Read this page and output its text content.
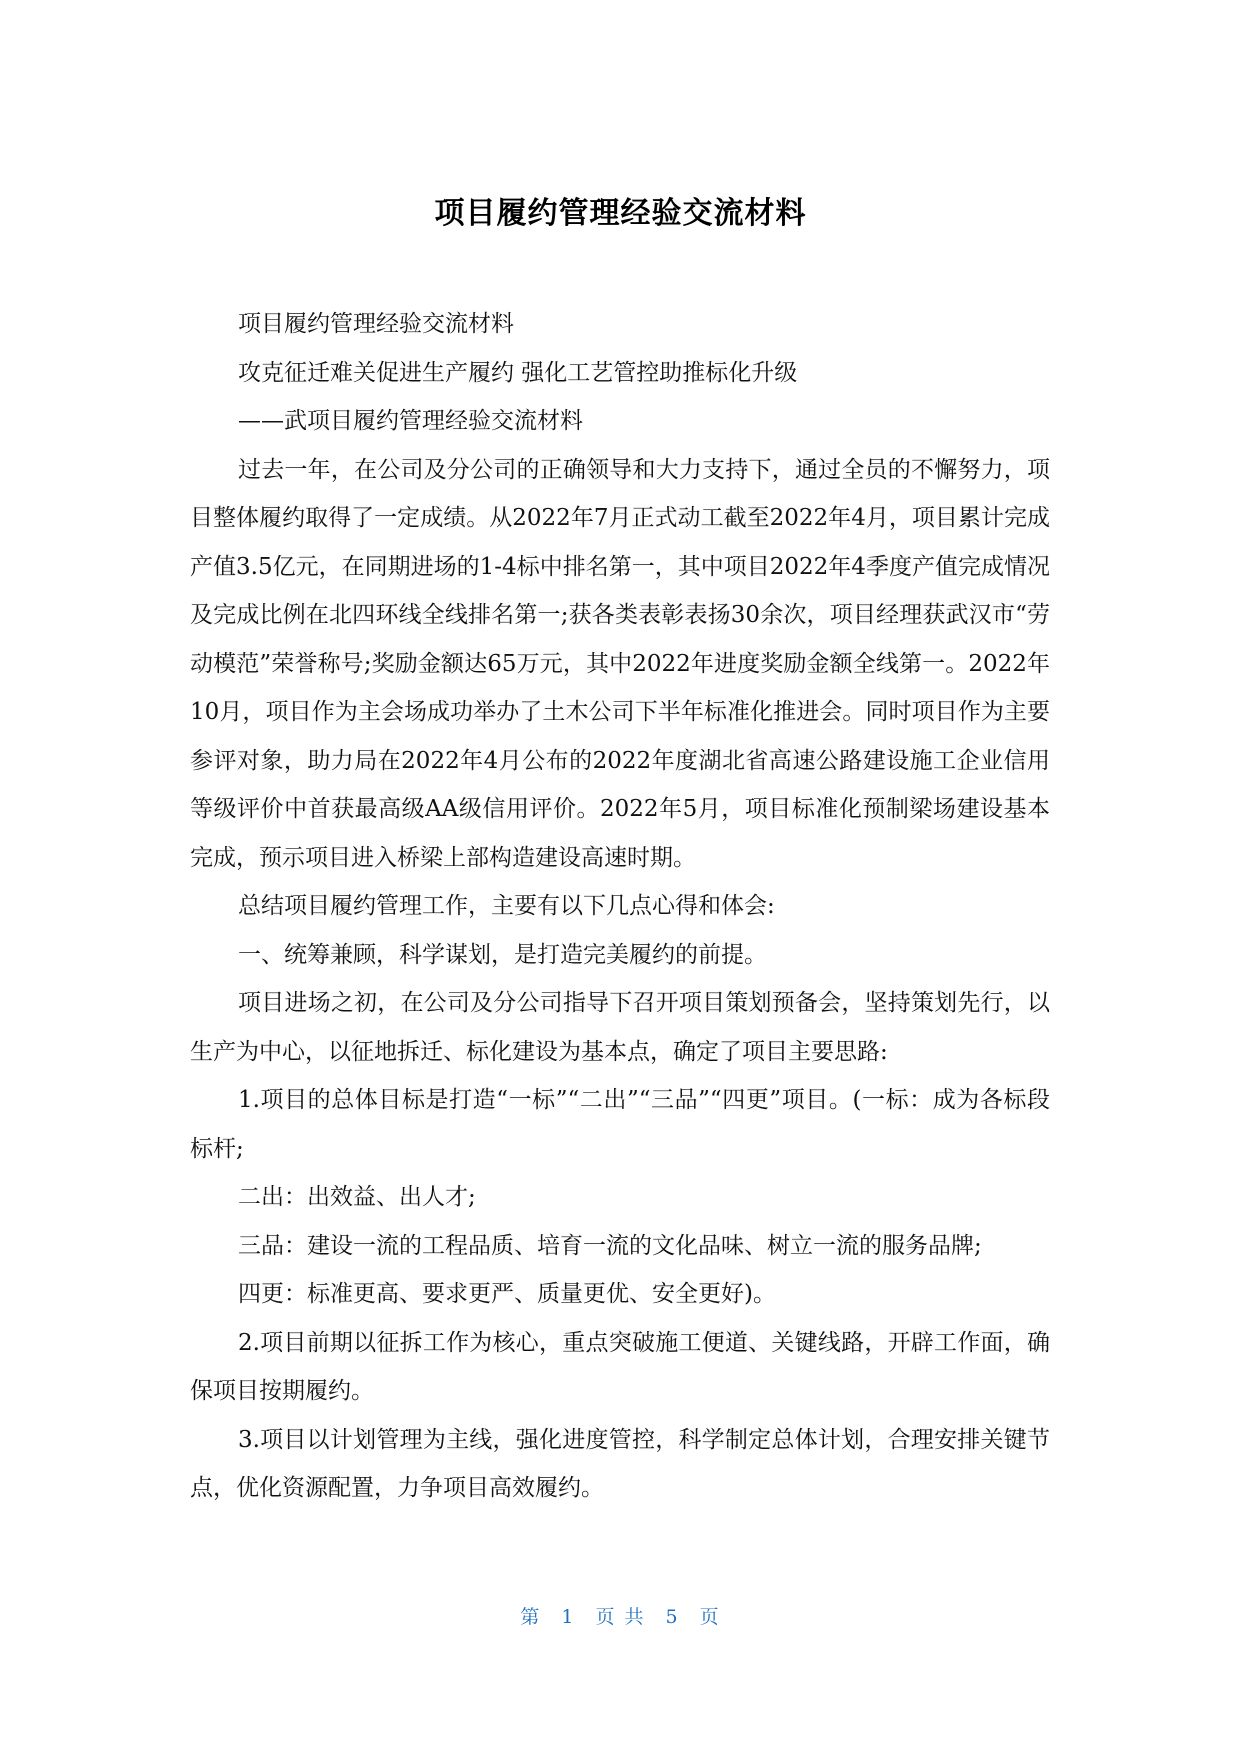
项目履约管理经验交流材料

项目履约管理经验交流材料

攻克征迁难关促进生产履约 强化工艺管控助推标化升级

——武项目履约管理经验交流材料

过去一年，在公司及分公司的正确领导和大力支持下，通过全员的不懈努力，项目整体履约取得了一定成绩。从2022年7月正式动工截至2022年4月，项目累计完成产值3.5亿元，在同期进场的1-4标中排名第一，其中项目2022年4季度产值完成情况及完成比例在北四环线全线排名第一;获各类表彰表扬30余次，项目经理获武汉市“劳动模范”荣誉称号;奖励金额达65万元，其中2022年进度奖励金额全线第一。2022年10月，项目作为主会场成功举办了土木公司下半年标准化推进会。同时项目作为主要参评对象，助力局在2022年4月公布的2022年度湖北省高速公路建设施工企业信用等级评价中首获最高级AA级信用评价。2022年5月，项目标准化预制梁场建设基本完成，预示项目进入桥梁上部构造建设高速时期。

总结项目履约管理工作，主要有以下几点心得和体会:

一、统筹兼顾，科学谋划，是打造完美履约的前提。

项目进场之初，在公司及分公司指导下召开项目策划预备会，坚持策划先行，以生产为中心，以征地拆迁、标化建设为基本点，确定了项目主要思路:

1.项目的总体目标是打造“一标”“二出”“三品”“四更”项目。(一标：成为各标段标杆;

二出：出效益、出人才;

三品：建设一流的工程品质、培育一流的文化品味、树立一流的服务品牌;

四更：标准更高、要求更严、质量更优、安全更好)。

2.项目前期以征拆工作为核心，重点突破施工便道、关键线路，开辟工作面，确保项目按期履约。

3.项目以计划管理为主线，强化进度管控，科学制定总体计划，合理安排关键节点，优化资源配置，力争项目高效履约。

第 1 页 共 5 页
